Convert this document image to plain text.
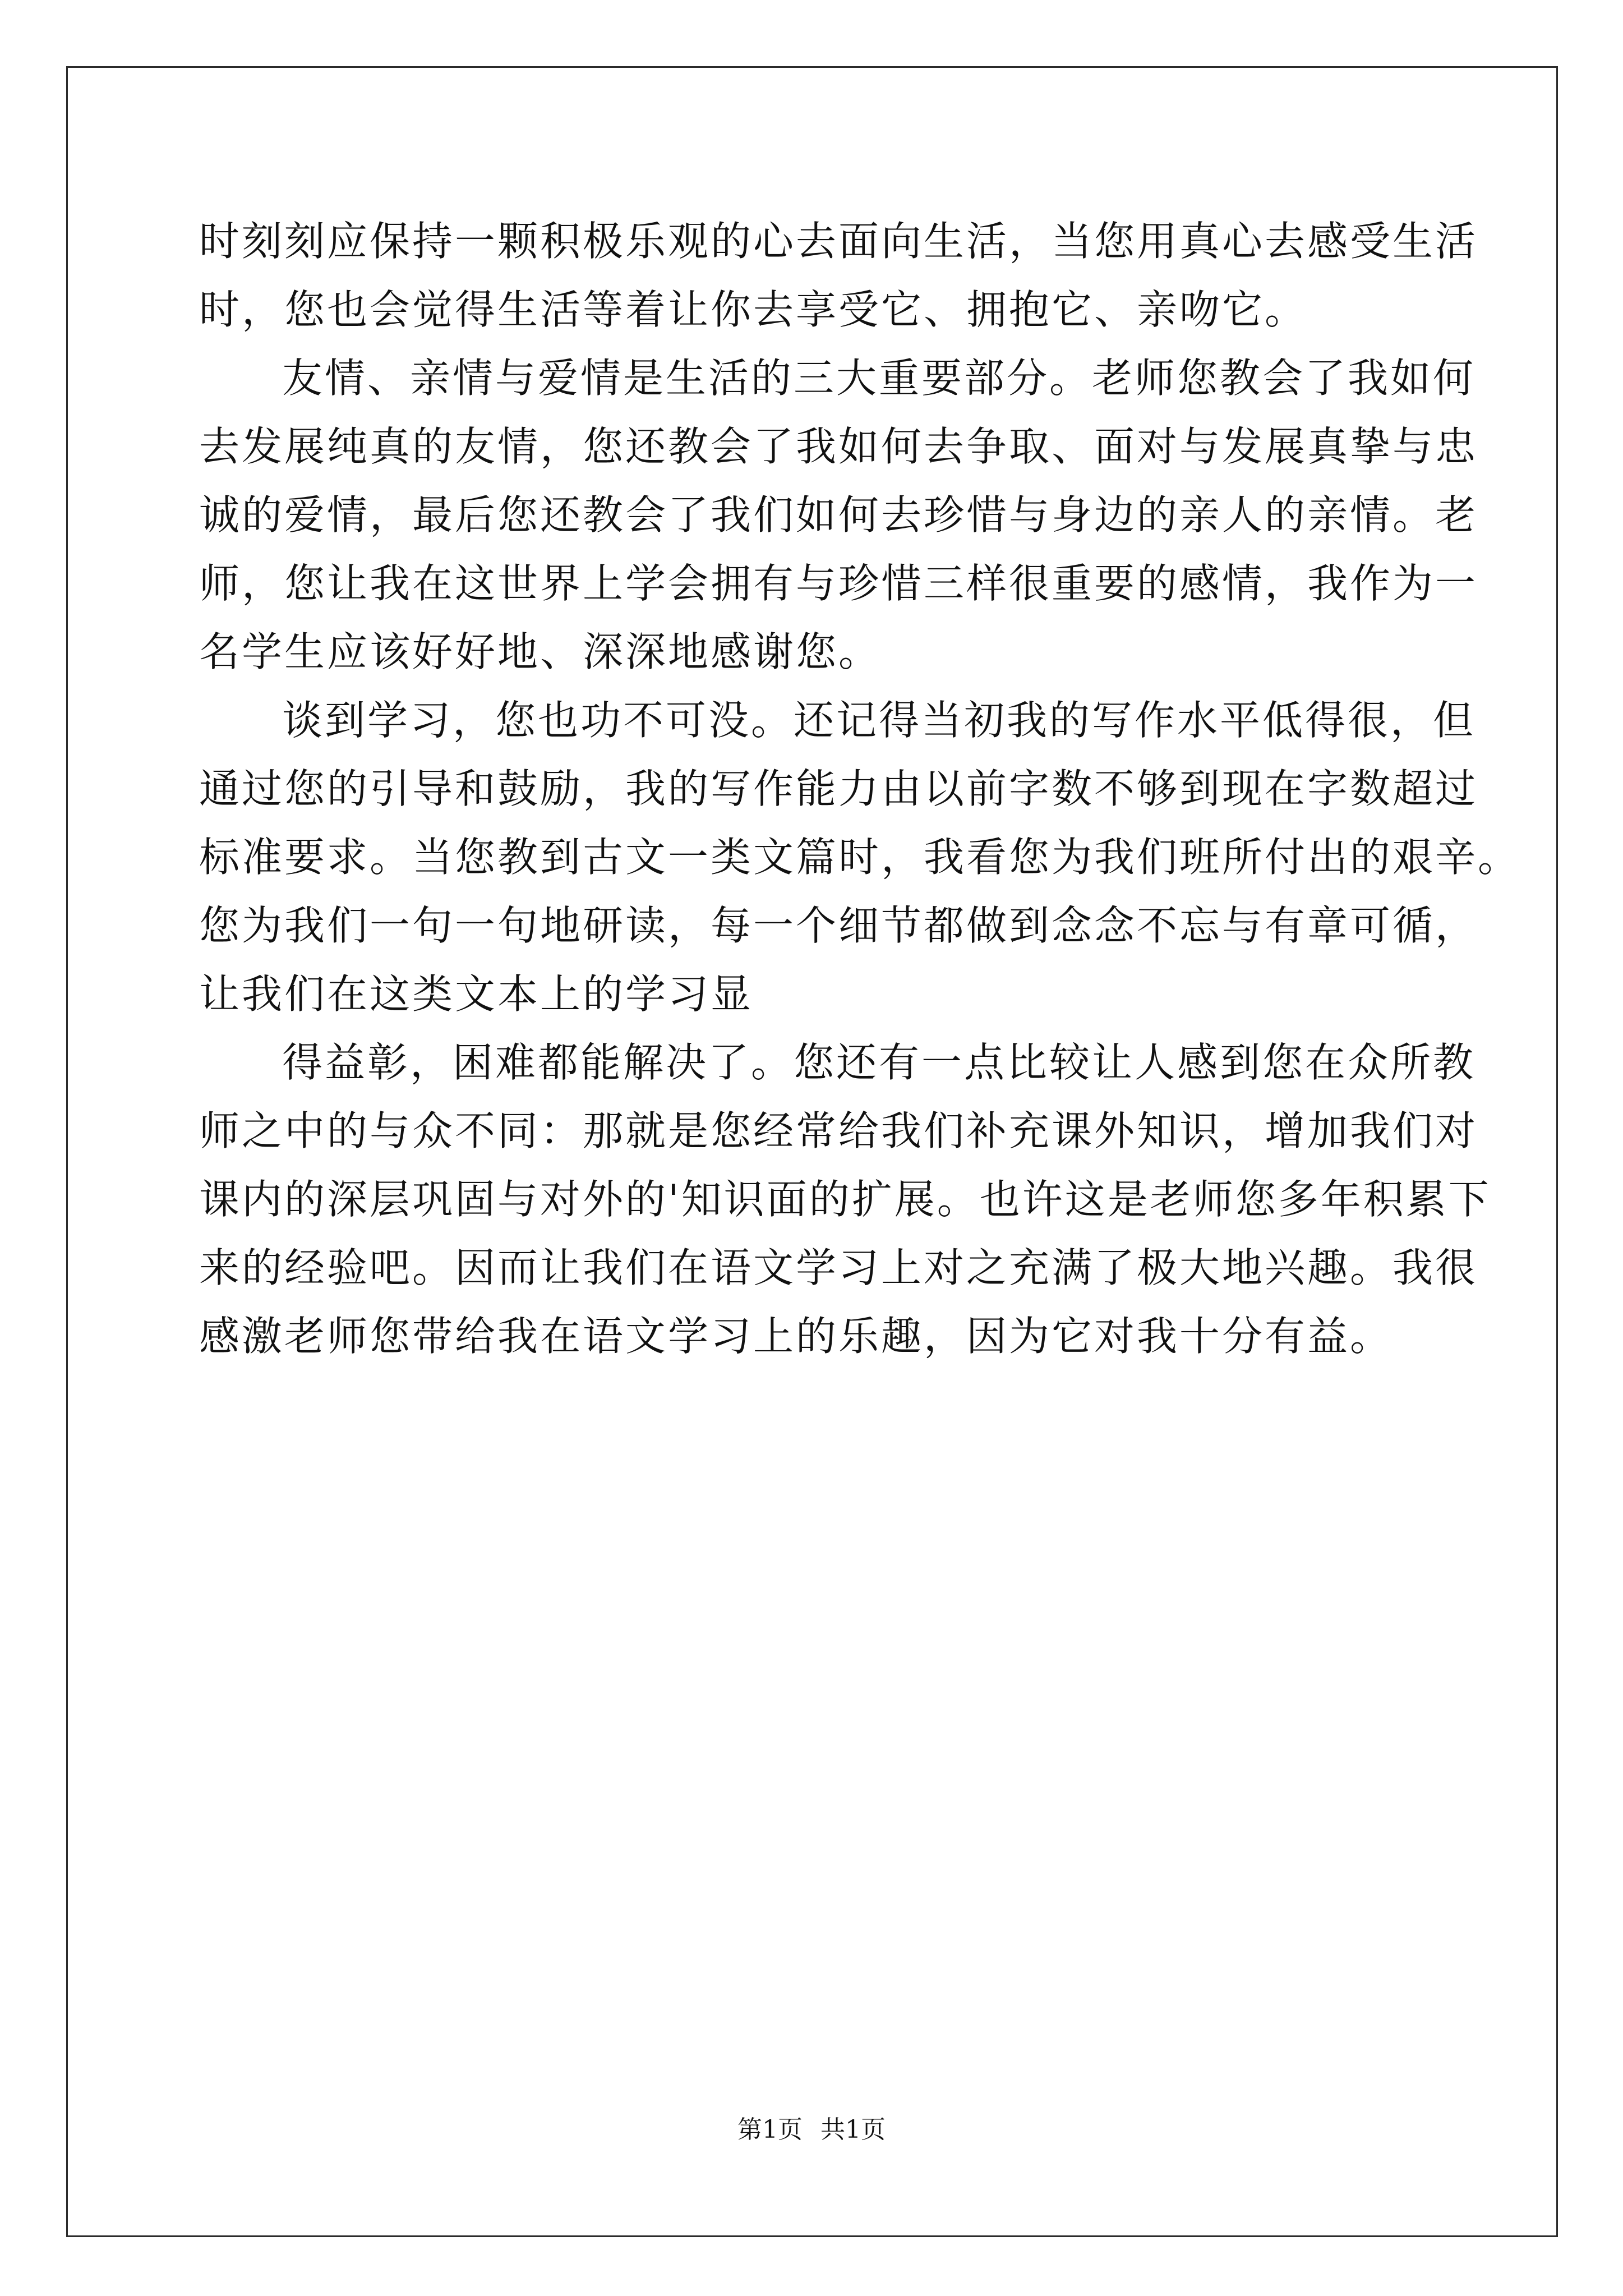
时刻刻应保持一颗积极乐观的心去面向生活，当您用真心去感受生活
时，您也会觉得生活等着让你去享受它、拥抱它、亲吻它。
友情、亲情与爱情是生活的三大重要部分。老师您教会了我如何
去发展纯真的友情，您还教会了我如何去争取、面对与发展真挚与忠
诚的爱情，最后您还教会了我们如何去珍惜与身边的亲人的亲情。老
师，您让我在这世界上学会拥有与珍惜三样很重要的感情，我作为一
名学生应该好好地、深深地感谢您。
谈到学习，您也功不可没。还记得当初我的写作水平低得很，但
通过您的引导和鼓励，我的写作能力由以前字数不够到现在字数超过
标准要求。当您教到古文一类文篇时，我看您为我们班所付出的艰辛。
您为我们一句一句地研读，每一个细节都做到念念不忘与有章可循，
让我们在这类文本上的学习显
得益彰，困难都能解决了。您还有一点比较让人感到您在众所教
师之中的与众不同：那就是您经常给我们补充课外知识，增加我们对
课内的深层巩固与对外的'知识面的扩展。也许这是老师您多年积累下
来的经验吧。因而让我们在语文学习上对之充满了极大地兴趣。我很
感激老师您带给我在语文学习上的乐趣，因为它对我十分有益。
第1页 共1页
